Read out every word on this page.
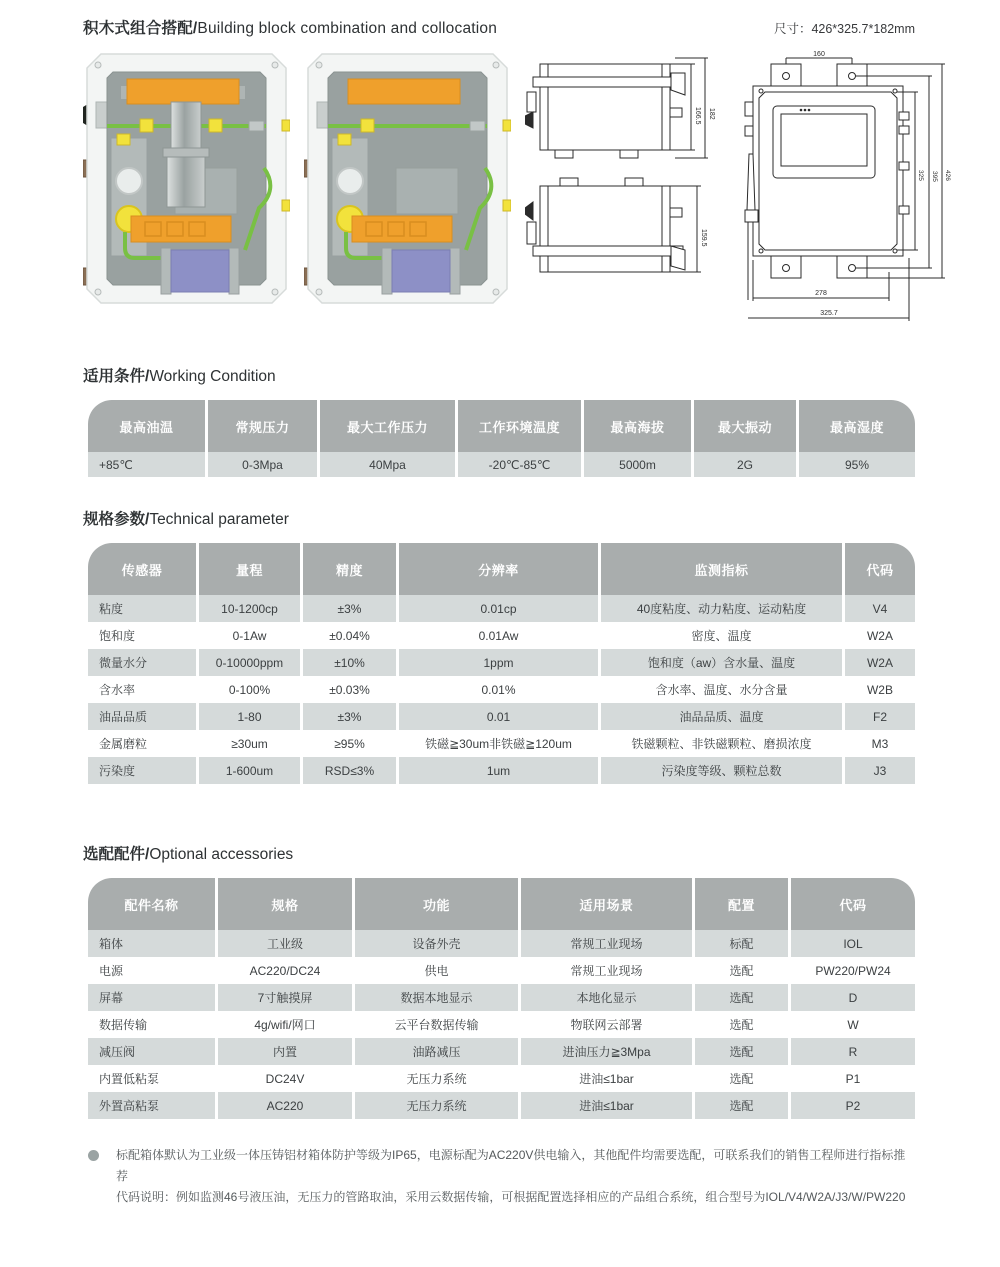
积木式组合搭配/Building block combination and collocation	尺寸：426*325.7*182mm
166.5 182
159.5
160
325 395 426
278
325.7
适用条件/Working Condition
最高油温	常规压力	最大工作压力	工作环境温度	最高海拔	最大振动	最高湿度
+85℃	0-3Mpa	40Mpa	-20℃-85℃	5000m	2G	95%
规格参数/Technical parameter
传感器	量程	精度	分辨率	监测指标	代码
粘度	10-1200cp	±3%	0.01cp	40度粘度、动力粘度、运动粘度	V4
饱和度	0-1Aw	±0.04%	0.01Aw	密度、温度	W2A
微量水分	0-10000ppm	±10%	1ppm	饱和度（aw）含水量、温度	W2A
含水率	0-100%	±0.03%	0.01%	含水率、温度、水分含量	W2B
油品品质	1-80	±3%	0.01	油品品质、温度	F2
金属磨粒	≥30um	≥95%	铁磁≧30um非铁磁≧120um	铁磁颗粒、非铁磁颗粒、磨损浓度	M3
污染度	1-600um	RSD≤3%	1um	污染度等级、颗粒总数	J3
选配配件/Optional accessories
配件名称	规格	功能	适用场景	配置	代码
箱体	工业级	设备外壳	常规工业现场	标配	IOL
电源	AC220/DC24	供电	常规工业现场	选配	PW220/PW24
屏幕	7寸触摸屏	数据本地显示	本地化显示	选配	D
数据传输	4g/wifi/网口	云平台数据传输	物联网云部署	选配	W
减压阀	内置	油路减压	进油压力≧3Mpa	选配	R
内置低粘泵	DC24V	无压力系统	进油≤1bar	选配	P1
外置高粘泵	AC220	无压力系统	进油≤1bar	选配	P2
标配箱体默认为工业级一体压铸铝材箱体防护等级为IP65，电源标配为AC220V供电输入，其他配件均需要选配，可联系我们的销售工程师进行指标推荐
代码说明：例如监测46号液压油，无压力的管路取油，采用云数据传输，可根据配置选择相应的产品组合系统，组合型号为IOL/V4/W2A/J3/W/PW220
